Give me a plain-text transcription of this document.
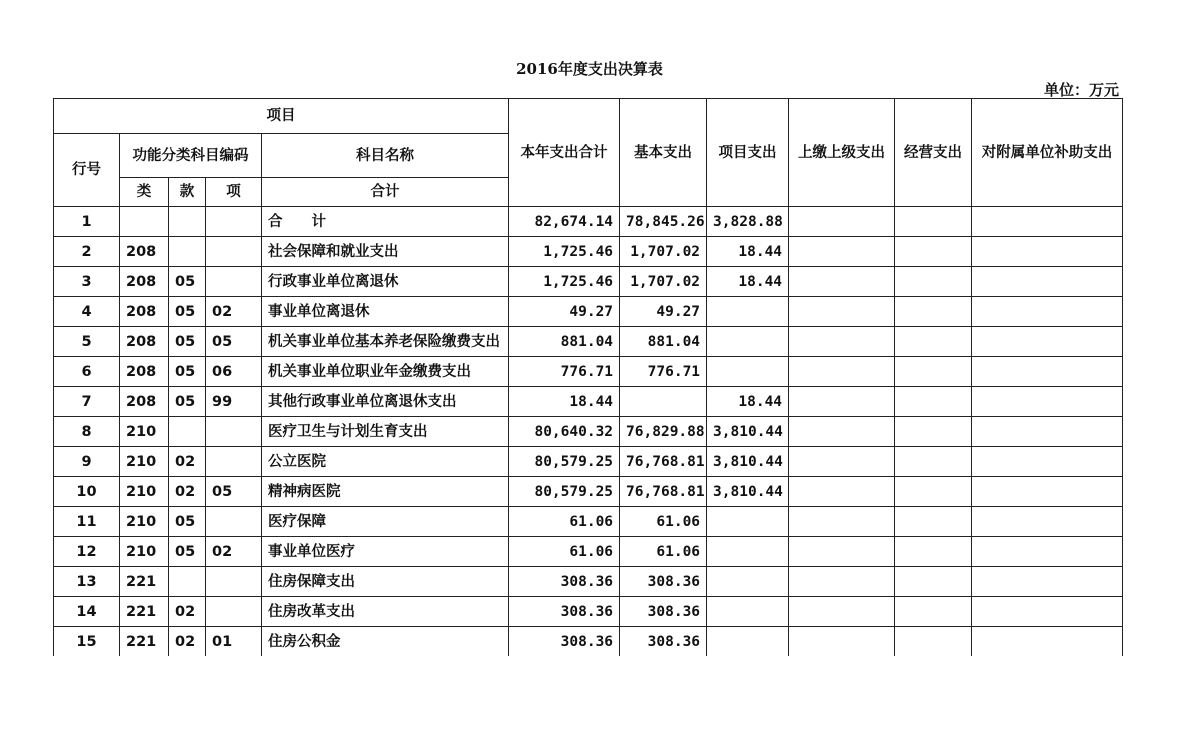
2016年度支出决算表
单位：万元
项目					本年支出合计	基本支出	项目支出	上缴上级支出	经营支出	对附属单位补助支出
行号	功能分类科目编码			科目名称						
	类	款	项	合计						
1				合　　计	82,674.14	78,845.26	3,828.88			
2	208			社会保障和就业支出	1,725.46	1,707.02	18.44			
3	208	05		行政事业单位离退休	1,725.46	1,707.02	18.44			
4	208	05	02	事业单位离退休	49.27	49.27				
5	208	05	05	机关事业单位基本养老保险缴费支出	881.04	881.04				
6	208	05	06	机关事业单位职业年金缴费支出	776.71	776.71				
7	208	05	99	其他行政事业单位离退休支出	18.44		18.44			
8	210			医疗卫生与计划生育支出	80,640.32	76,829.88	3,810.44			
9	210	02		公立医院	80,579.25	76,768.81	3,810.44			
10	210	02	05	精神病医院	80,579.25	76,768.81	3,810.44			
11	210	05		医疗保障	61.06	61.06				
12	210	05	02	事业单位医疗	61.06	61.06				
13	221			住房保障支出	308.36	308.36				
14	221	02		住房改革支出	308.36	308.36				
15	221	02	01	住房公积金	308.36	308.36				
